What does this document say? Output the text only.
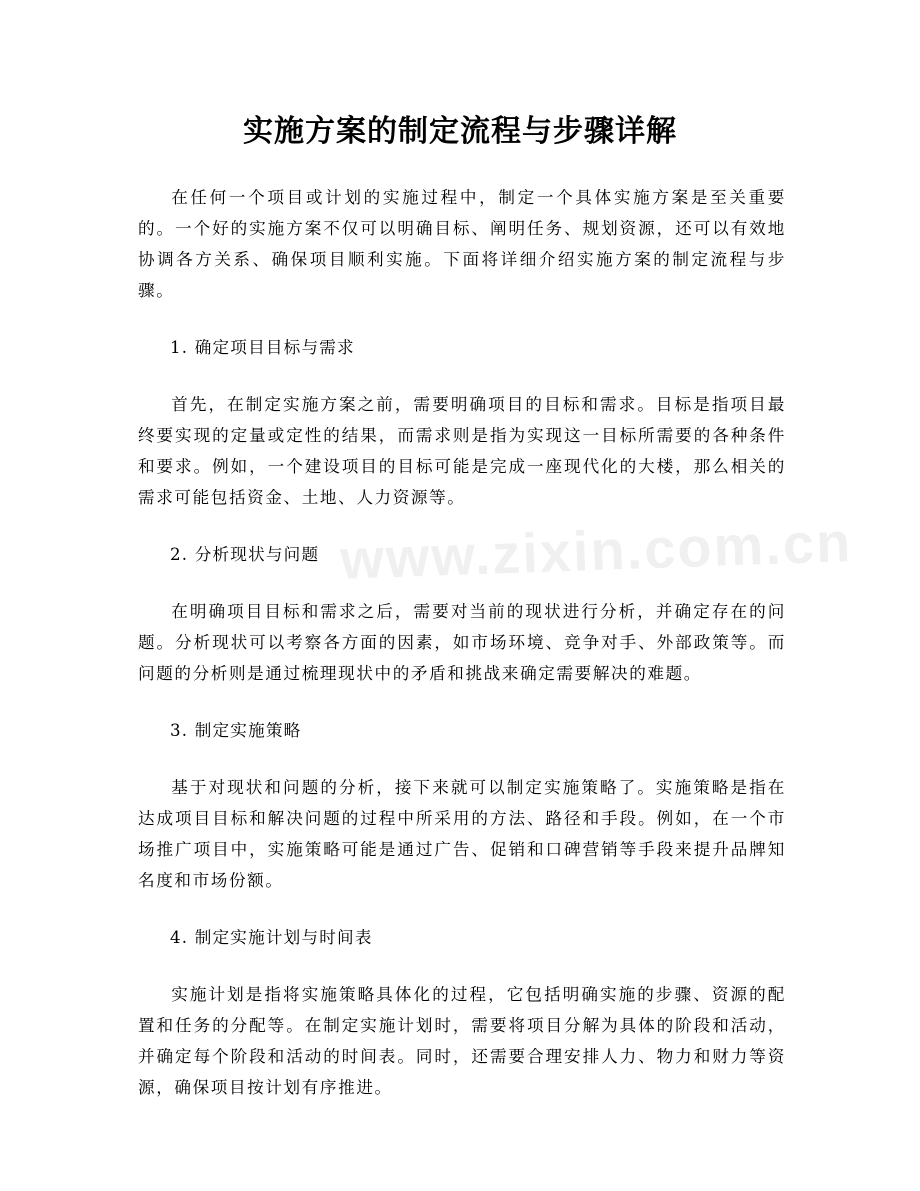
www.zixin.com.cn
实施方案的制定流程与步骤详解

在任何一个项目或计划的实施过程中，制定一个具体实施方案是至关重要的。一个好的实施方案不仅可以明确目标、阐明任务、规划资源，还可以有效地协调各方关系、确保项目顺利实施。下面将详细介绍实施方案的制定流程与步骤。

1. 确定项目目标与需求

首先，在制定实施方案之前，需要明确项目的目标和需求。目标是指项目最终要实现的定量或定性的结果，而需求则是指为实现这一目标所需要的各种条件和要求。例如，一个建设项目的目标可能是完成一座现代化的大楼，那么相关的需求可能包括资金、土地、人力资源等。

2. 分析现状与问题

在明确项目目标和需求之后，需要对当前的现状进行分析，并确定存在的问题。分析现状可以考察各方面的因素，如市场环境、竞争对手、外部政策等。而问题的分析则是通过梳理现状中的矛盾和挑战来确定需要解决的难题。

3. 制定实施策略

基于对现状和问题的分析，接下来就可以制定实施策略了。实施策略是指在达成项目目标和解决问题的过程中所采用的方法、路径和手段。例如，在一个市场推广项目中，实施策略可能是通过广告、促销和口碑营销等手段来提升品牌知名度和市场份额。

4. 制定实施计划与时间表

实施计划是指将实施策略具体化的过程，它包括明确实施的步骤、资源的配置和任务的分配等。在制定实施计划时，需要将项目分解为具体的阶段和活动，并确定每个阶段和活动的时间表。同时，还需要合理安排人力、物力和财力等资源，确保项目按计划有序推进。
